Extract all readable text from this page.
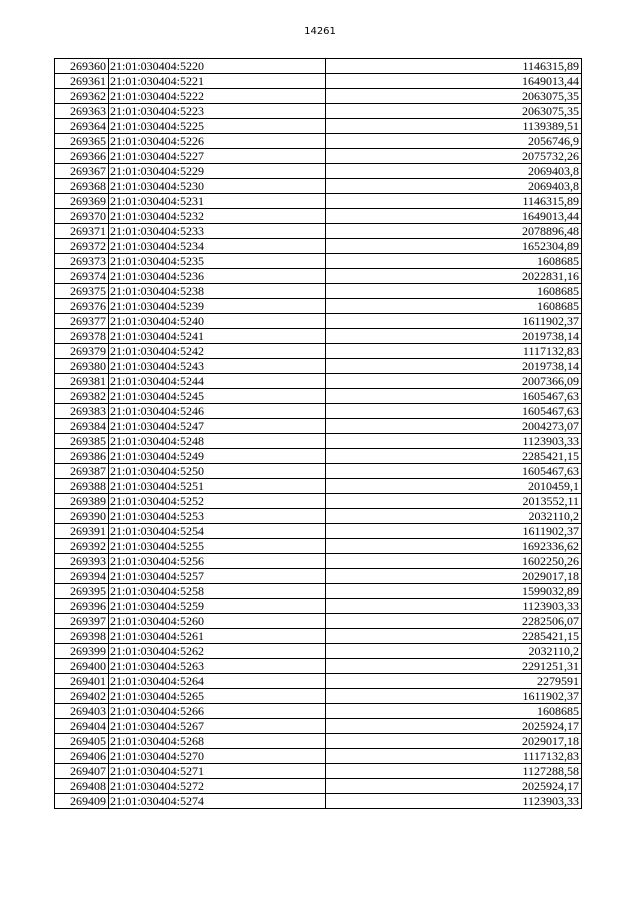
14261
269360	21:01:030404:5220	1146315,89
269361	21:01:030404:5221	1649013,44
269362	21:01:030404:5222	2063075,35
269363	21:01:030404:5223	2063075,35
269364	21:01:030404:5225	1139389,51
269365	21:01:030404:5226	2056746,9
269366	21:01:030404:5227	2075732,26
269367	21:01:030404:5229	2069403,8
269368	21:01:030404:5230	2069403,8
269369	21:01:030404:5231	1146315,89
269370	21:01:030404:5232	1649013,44
269371	21:01:030404:5233	2078896,48
269372	21:01:030404:5234	1652304,89
269373	21:01:030404:5235	1608685
269374	21:01:030404:5236	2022831,16
269375	21:01:030404:5238	1608685
269376	21:01:030404:5239	1608685
269377	21:01:030404:5240	1611902,37
269378	21:01:030404:5241	2019738,14
269379	21:01:030404:5242	1117132,83
269380	21:01:030404:5243	2019738,14
269381	21:01:030404:5244	2007366,09
269382	21:01:030404:5245	1605467,63
269383	21:01:030404:5246	1605467,63
269384	21:01:030404:5247	2004273,07
269385	21:01:030404:5248	1123903,33
269386	21:01:030404:5249	2285421,15
269387	21:01:030404:5250	1605467,63
269388	21:01:030404:5251	2010459,1
269389	21:01:030404:5252	2013552,11
269390	21:01:030404:5253	2032110,2
269391	21:01:030404:5254	1611902,37
269392	21:01:030404:5255	1692336,62
269393	21:01:030404:5256	1602250,26
269394	21:01:030404:5257	2029017,18
269395	21:01:030404:5258	1599032,89
269396	21:01:030404:5259	1123903,33
269397	21:01:030404:5260	2282506,07
269398	21:01:030404:5261	2285421,15
269399	21:01:030404:5262	2032110,2
269400	21:01:030404:5263	2291251,31
269401	21:01:030404:5264	2279591
269402	21:01:030404:5265	1611902,37
269403	21:01:030404:5266	1608685
269404	21:01:030404:5267	2025924,17
269405	21:01:030404:5268	2029017,18
269406	21:01:030404:5270	1117132,83
269407	21:01:030404:5271	1127288,58
269408	21:01:030404:5272	2025924,17
269409	21:01:030404:5274	1123903,33
